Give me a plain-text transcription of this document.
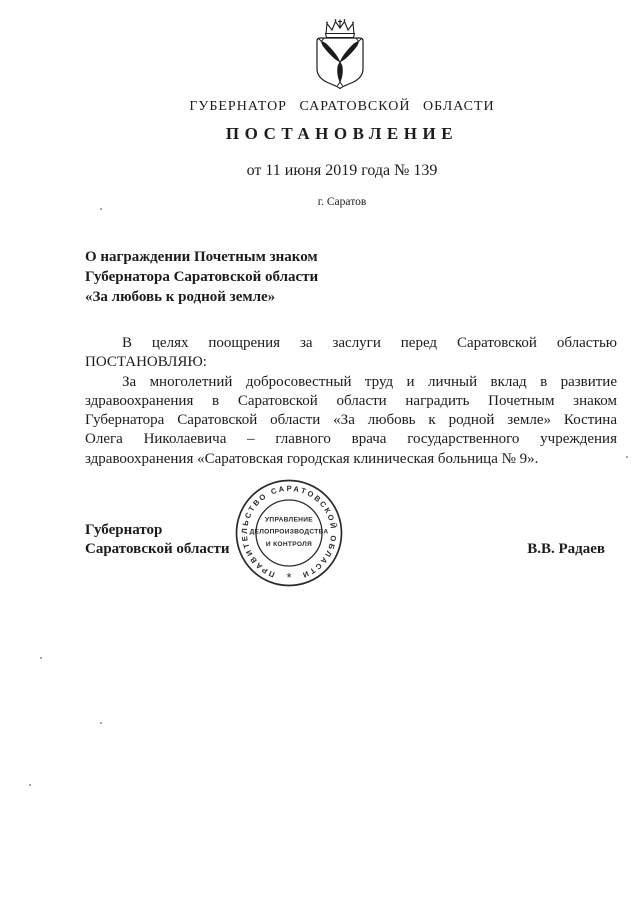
ГУБЕРНАТОР САРАТОВСКОЙ ОБЛАСТИ
ПОСТАНОВЛЕНИЕ
от 11 июня 2019 года № 139
г. Саратов
О награждении Почетным знаком
Губернатора Саратовской области
«За любовь к родной земле»
В целях поощрения за заслуги перед Саратовской областью
ПОСТАНОВЛЯЮ:
За многолетний добросовестный труд и личный вклад в развитие
здравоохранения в Саратовской области наградить Почетным знаком
Губернатора Саратовской области «За любовь к родной земле» Костина
Олега Николаевича – главного врача государственного учреждения
здравоохранения «Саратовская городская клиническая больница № 9».
Губернатор
Саратовской области	В.В. Радаев
ПРАВИТЕЛЬСТВО САРАТОВСКОЙ ОБЛАСТИ
*
УПРАВЛЕНИЕ
ДЕЛОПРОИЗВОДСТВА
И КОНТРОЛЯ
